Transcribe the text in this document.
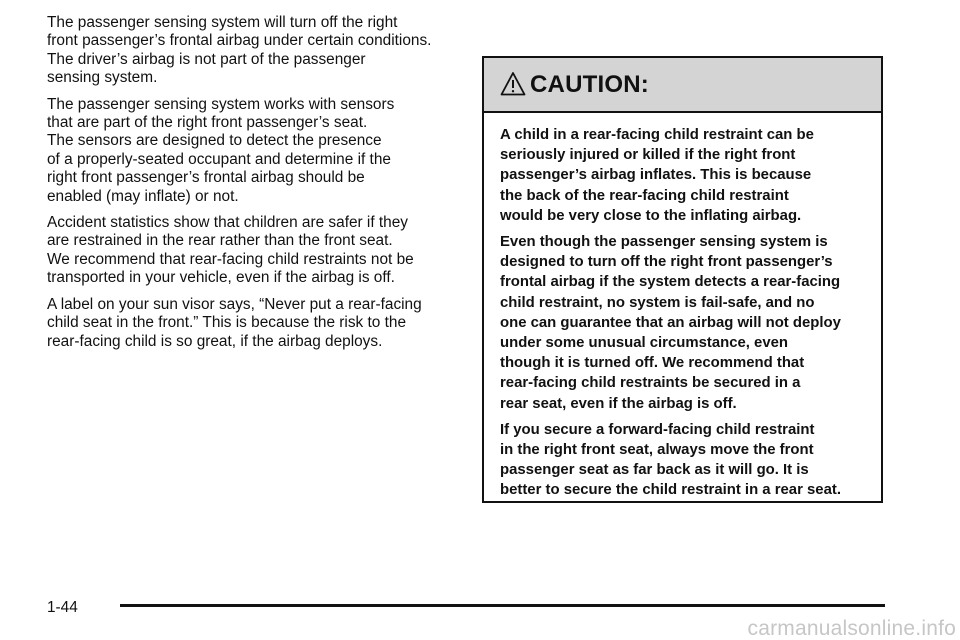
The passenger sensing system will turn off the right
front passenger’s frontal airbag under certain conditions.
The driver’s airbag is not part of the passenger
sensing system.

The passenger sensing system works with sensors
that are part of the right front passenger’s seat.
The sensors are designed to detect the presence
of a properly-seated occupant and determine if the
right front passenger’s frontal airbag should be
enabled (may inflate) or not.

Accident statistics show that children are safer if they
are restrained in the rear rather than the front seat.
We recommend that rear-facing child restraints not be
transported in your vehicle, even if the airbag is off.

A label on your sun visor says, “Never put a rear-facing
child seat in the front.” This is because the risk to the
rear-facing child is so great, if the airbag deploys.

CAUTION:

A child in a rear-facing child restraint can be
seriously injured or killed if the right front
passenger’s airbag inflates. This is because
the back of the rear-facing child restraint
would be very close to the inflating airbag.

Even though the passenger sensing system is
designed to turn off the right front passenger’s
frontal airbag if the system detects a rear-facing
child restraint, no system is fail-safe, and no
one can guarantee that an airbag will not deploy
under some unusual circumstance, even
though it is turned off. We recommend that
rear-facing child restraints be secured in a
rear seat, even if the airbag is off.

If you secure a forward-facing child restraint
in the right front seat, always move the front
passenger seat as far back as it will go. It is
better to secure the child restraint in a rear seat.

1-44
carmanualsonline.info
